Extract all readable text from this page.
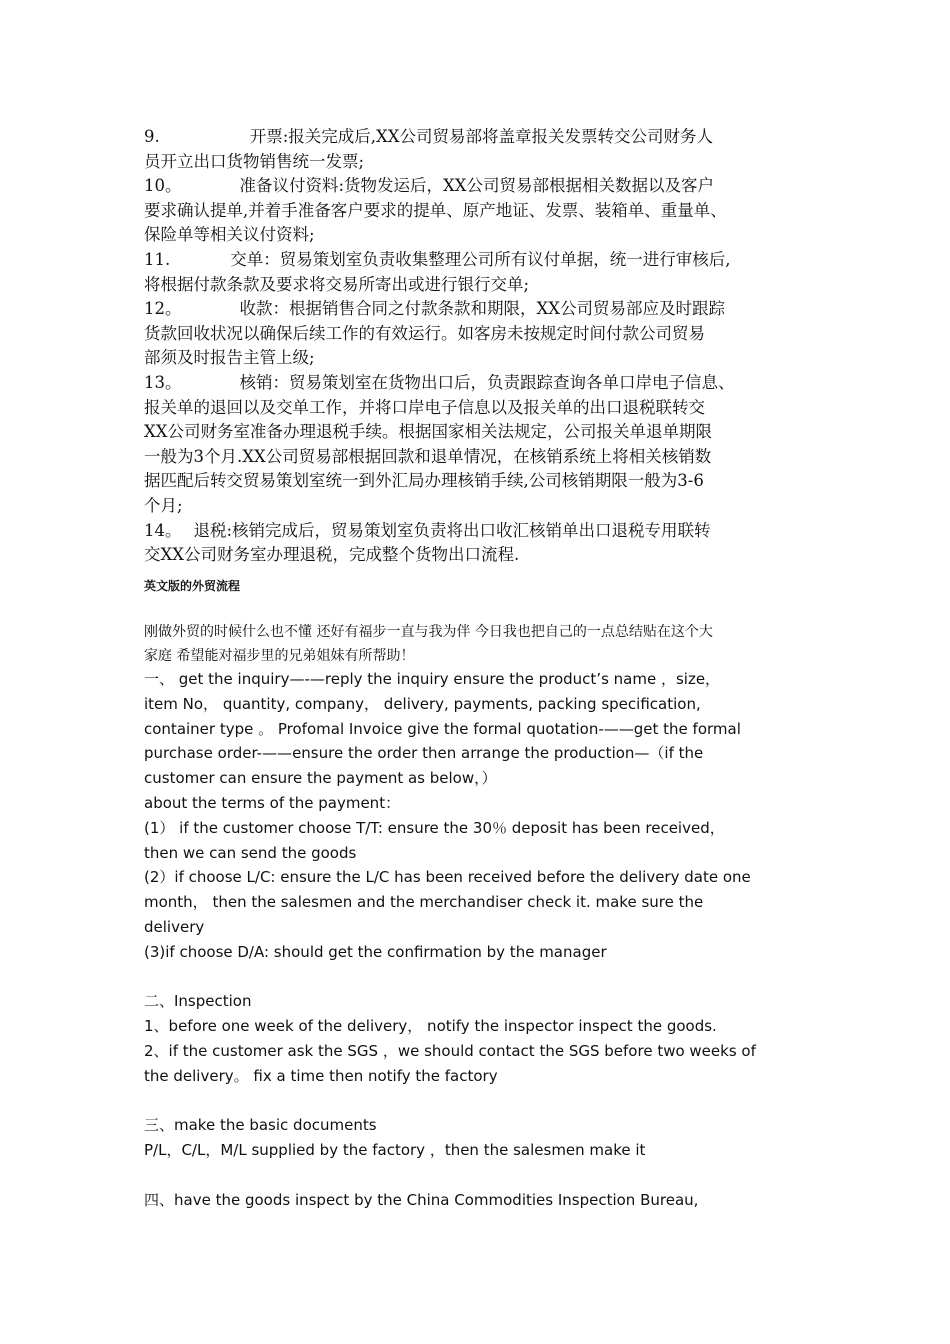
9.	开票:报关完成后,XX公司贸易部将盖章报关发票转交公司财务人
员开立出口货物销售统一发票;
10。	准备议付资料:货物发运后，XX公司贸易部根据相关数据以及客户
要求确认提单,并着手准备客户要求的提单、原产地证、发票、装箱单、重量单、
保险单等相关议付资料;
11.	交单：贸易策划室负责收集整理公司所有议付单据，统一进行审核后,
将根据付款条款及要求将交易所寄出或进行银行交单;
12。	收款：根据销售合同之付款条款和期限，XX公司贸易部应及时跟踪
货款回收状况以确保后续工作的有效运行。如客房未按规定时间付款公司贸易
部须及时报告主管上级;
13。	核销：贸易策划室在货物出口后，负责跟踪查询各单口岸电子信息、
报关单的退回以及交单工作，并将口岸电子信息以及报关单的出口退税联转交
XX公司财务室准备办理退税手续。根据国家相关法规定，公司报关单退单期限
一般为3个月.XX公司贸易部根据回款和退单情况，在核销系统上将相关核销数
据匹配后转交贸易策划室统一到外汇局办理核销手续,公司核销期限一般为3-6
个月;
14。 退税:核销完成后，贸易策划室负责将出口收汇核销单出口退税专用联转
交XX公司财务室办理退税，完成整个货物出口流程.
英文版的外贸流程
刚做外贸的时候什么也不懂 还好有福步一直与我为伴 今日我也把自己的一点总结贴在这个大
家庭 希望能对福步里的兄弟姐妹有所帮助！
一、 get the inquiry—-—reply the inquiry ensure the product’s name ，size，
item No， quantity, company， delivery, payments, packing specification,
container type 。 Profomal Invoice give the formal quotation-——get the formal
purchase order-——ensure the order then arrange the production—（if the
customer can ensure the payment as below，）
about the terms of the payment：
(1） if the customer choose T/T: ensure the 30％ deposit has been received，
then we can send the goods
(2）if choose L/C: ensure the L/C has been received before the delivery date one
month， then the salesmen and the merchandiser check it. make sure the
delivery
(3)if choose D/A: should get the confirmation by the manager
二、Inspection
1、before one week of the delivery， notify the inspector inspect the goods.
2、if the customer ask the SGS ，we should contact the SGS before two weeks of
the delivery。 fix a time then notify the factory
三、make the basic documents
P/L，C/L，M/L supplied by the factory ，then the salesmen make it
四、have the goods inspect by the China Commodities Inspection Bureau,
